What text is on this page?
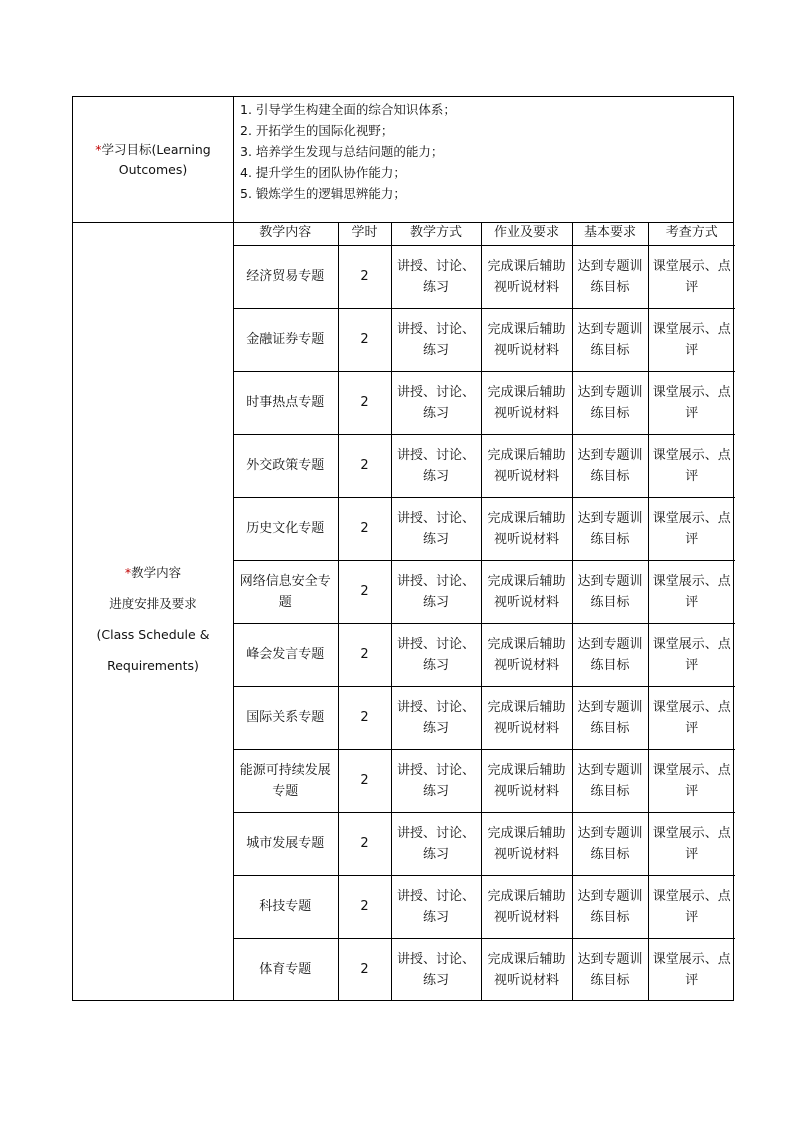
*学习目标(Learning
Outcomes)
1. 引导学生构建全面的综合知识体系；
2. 开拓学生的国际化视野；
3. 培养学生发现与总结问题的能力；
4. 提升学生的团队协作能力；
5. 锻炼学生的逻辑思辨能力；
*教学内容
进度安排及要求
(Class Schedule &
Requirements)
教学内容	学时	教学方式	作业及要求	基本要求	考查方式
经济贸易专题	2	讲授、讨论、练习	完成课后辅助视听说材料	达到专题训练目标	课堂展示、点评
金融证券专题	2	讲授、讨论、练习	完成课后辅助视听说材料	达到专题训练目标	课堂展示、点评
时事热点专题	2	讲授、讨论、练习	完成课后辅助视听说材料	达到专题训练目标	课堂展示、点评
外交政策专题	2	讲授、讨论、练习	完成课后辅助视听说材料	达到专题训练目标	课堂展示、点评
历史文化专题	2	讲授、讨论、练习	完成课后辅助视听说材料	达到专题训练目标	课堂展示、点评
网络信息安全专题	2	讲授、讨论、练习	完成课后辅助视听说材料	达到专题训练目标	课堂展示、点评
峰会发言专题	2	讲授、讨论、练习	完成课后辅助视听说材料	达到专题训练目标	课堂展示、点评
国际关系专题	2	讲授、讨论、练习	完成课后辅助视听说材料	达到专题训练目标	课堂展示、点评
能源可持续发展专题	2	讲授、讨论、练习	完成课后辅助视听说材料	达到专题训练目标	课堂展示、点评
城市发展专题	2	讲授、讨论、练习	完成课后辅助视听说材料	达到专题训练目标	课堂展示、点评
科技专题	2	讲授、讨论、练习	完成课后辅助视听说材料	达到专题训练目标	课堂展示、点评
体育专题	2	讲授、讨论、练习	完成课后辅助视听说材料	达到专题训练目标	课堂展示、点评
